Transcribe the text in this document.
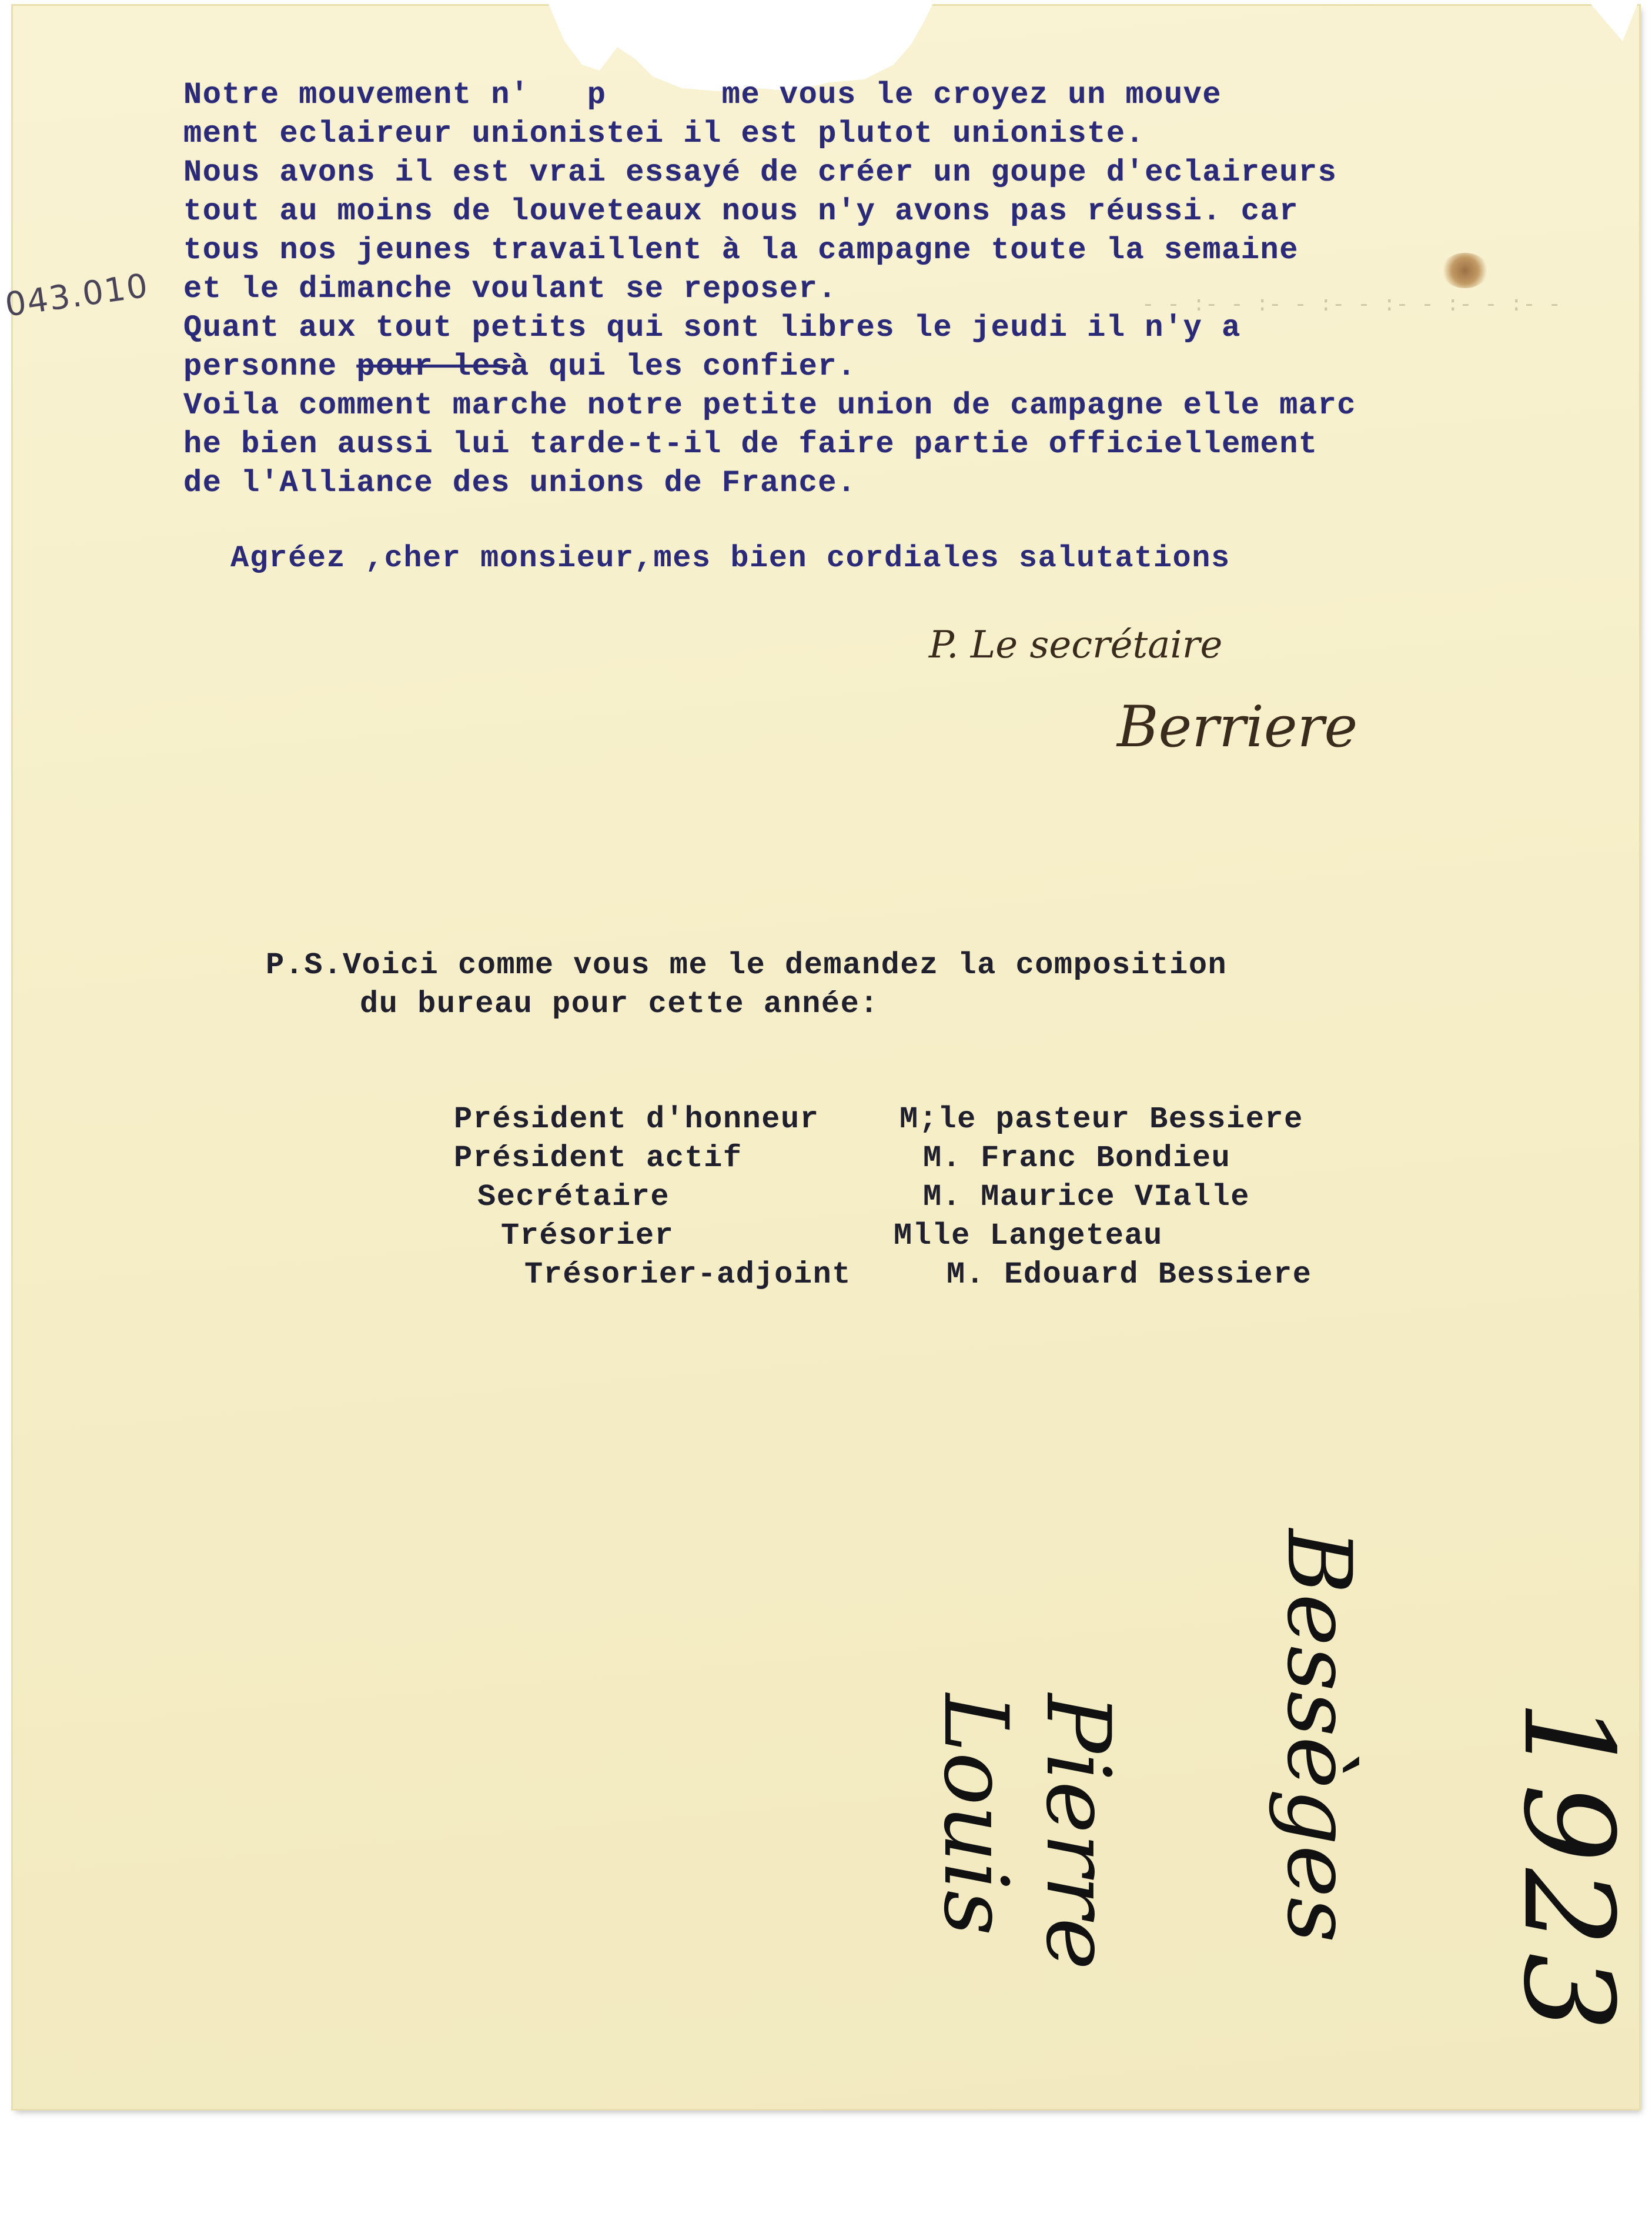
- - :- - :- - :- - :- - :- - :- -
043.010
Notre mouvement n'   p      me vous le croyez un mouve
ment eclaireur unionistei il est plutot unioniste.
Nous avons il est vrai essayé de créer un goupe d'eclaireurs
tout au moins de louveteaux nous n'y avons pas réussi. car
tous nos jeunes travaillent à la campagne toute la semaine
et le dimanche voulant se reposer.
Quant aux tout petits qui sont libres le jeudi il n'y a
personne pour lesà qui les confier.
Voila comment marche notre petite union de campagne elle marc
he bien aussi lui tarde-t-il de faire partie officiellement
de l'Alliance des unions de France.
Agréez ,cher monsieur,mes bien cordiales salutations
P. Le secrétaire
Berriere
P.S.Voici comme vous me le demandez la composition
du bureau pour cette année:
Président d'honneur	M;le pasteur Bessiere
Président actif	M. Franc Bondieu
Secrétaire	M. Maurice VIalle
Trésorier	Mlle Langeteau
Trésorier-adjoint	M. Edouard Bessiere
Pierre Louis	Bessèges 1923
